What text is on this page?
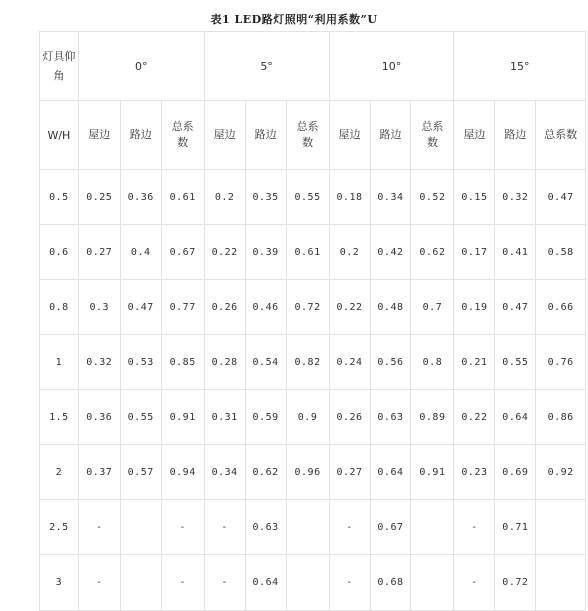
表1 LED路灯照明“利用系数”U
灯具仰角	0°			5°			10°			15°		
W/H	屋边	路边	总系数	屋边	路边	总系数	屋边	路边	总系数	屋边	路边	总系数
0.5	0.25	0.36	0.61	0.2	0.35	0.55	0.18	0.34	0.52	0.15	0.32	0.47
0.6	0.27	0.4	0.67	0.22	0.39	0.61	0.2	0.42	0.62	0.17	0.41	0.58
0.8	0.3	0.47	0.77	0.26	0.46	0.72	0.22	0.48	0.7	0.19	0.47	0.66
1	0.32	0.53	0.85	0.28	0.54	0.82	0.24	0.56	0.8	0.21	0.55	0.76
1.5	0.36	0.55	0.91	0.31	0.59	0.9	0.26	0.63	0.89	0.22	0.64	0.86
2	0.37	0.57	0.94	0.34	0.62	0.96	0.27	0.64	0.91	0.23	0.69	0.92
2.5	-		-	-	0.63		-	0.67		-	0.71	
3	-		-	-	0.64		-	0.68		-	0.72	
